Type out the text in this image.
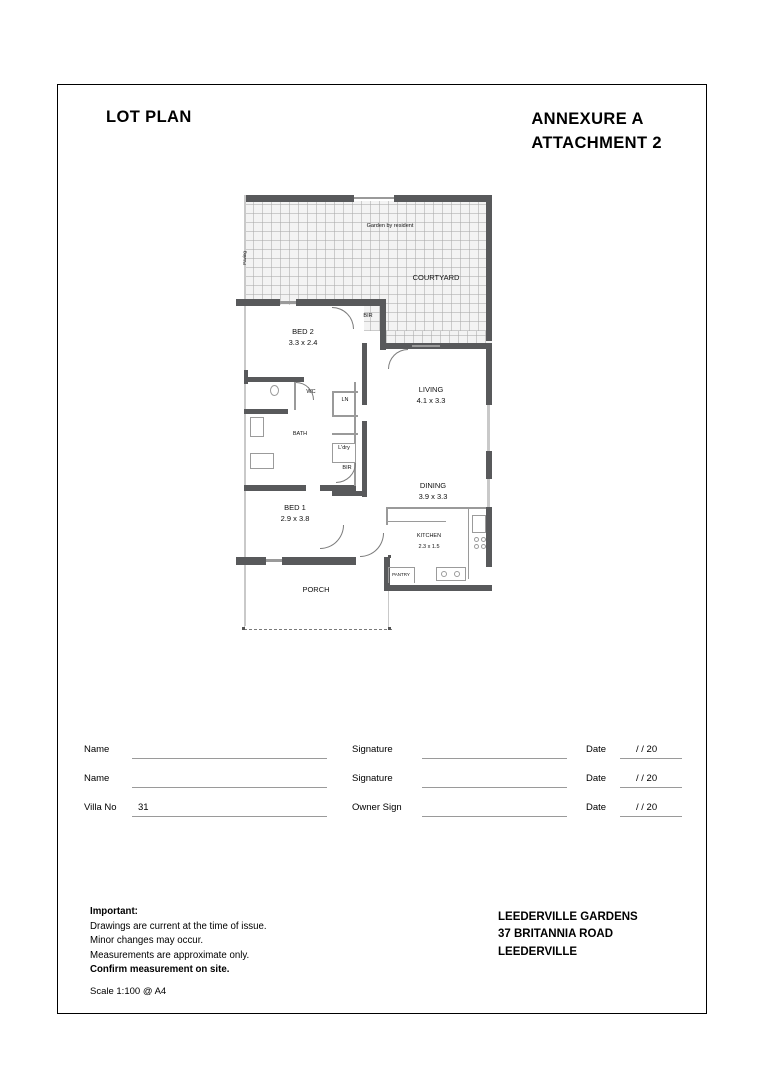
LOT PLAN	ANNEXURE A
ATTACHMENT 2
Garden by resident
COURTYARD
Paving
BED 2
3.3 x 2.4
BIR
WC
LN
BATH
L'dry
LIVING
4.1 x 3.3
DINING
3.9 x 3.3
BIR
BED 1
2.9 x 3.8
KITCHEN
2.3 x 1.5
PANTRY
PORCH
Name	Signature	Date	/ / 20
Name	Signature	Date	/ / 20
Villa No 31	Owner Sign	Date	/ / 20
Important:
Drawings are current at the time of issue.
Minor changes may occur.
Measurements are approximate only.
Confirm measurement on site.
Scale 1:100 @ A4
LEEDERVILLE GARDENS
37 BRITANNIA ROAD
LEEDERVILLE
